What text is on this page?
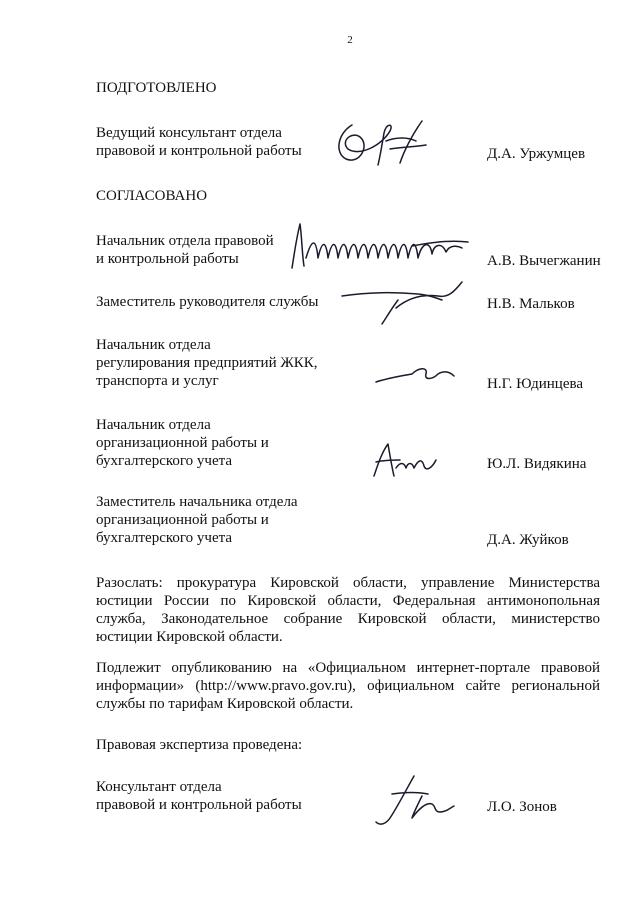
2
ПОДГОТОВЛЕНО
Ведущий консультант отдела
правовой и контрольной работы	Д.А. Уржумцев
СОГЛАСОВАНО
Начальник отдела правовой
и контрольной работы	А.В. Вычегжанин
Заместитель руководителя службы	Н.В. Мальков
Начальник отдела
регулирования предприятий ЖКК,
транспорта и услуг	Н.Г. Юдинцева
Начальник отдела
организационной работы и
бухгалтерского учета	Ю.Л. Видякина
Заместитель начальника отдела
организационной работы и
бухгалтерского учета	Д.А. Жуйков
Разослать: прокуратура Кировской области, управление Министерства юстиции России по Кировской области, Федеральная антимонопольная служба, Законодательное собрание Кировской области, министерство юстиции Кировской области.
Подлежит опубликованию на «Официальном интернет-портале правовой информации» (http://www.pravo.gov.ru), официальном сайте региональной службы по тарифам Кировской области.
Правовая экспертиза проведена:
Консультант отдела
правовой и контрольной работы	Л.О. Зонов
